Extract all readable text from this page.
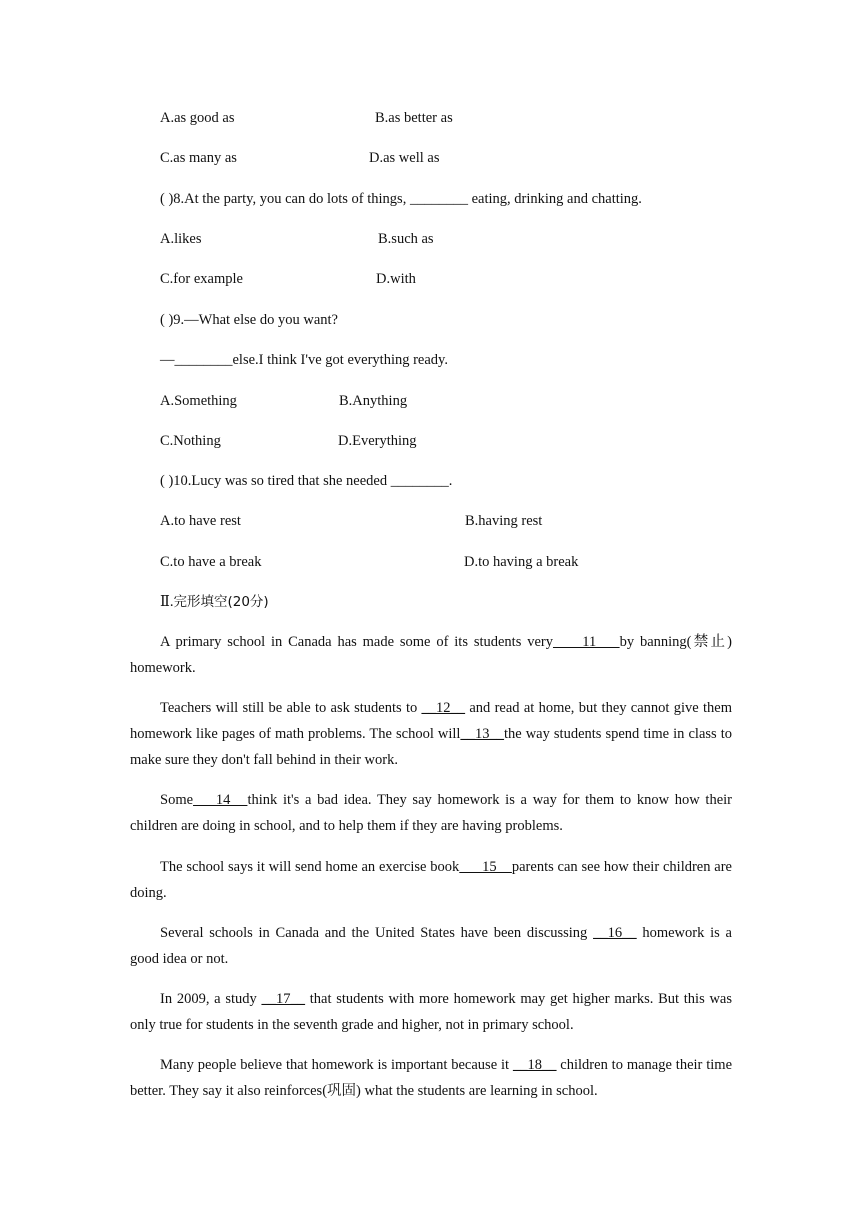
A.as good as	B.as better as
C.as many as	D.as well as
( )8.At the party, you can do lots of things, ________ eating, drinking and chatting.
A.likes	B.such as
C.for example	D.with
( )9.—What else do you want?
—________else.I think I've got everything ready.
A.Something	B.Anything
C.Nothing	D.Everything
( )10.Lucy was so tired that she needed ________.
A.to have rest	B.having rest
C.to have a break	D.to having a break
Ⅱ.完形填空(20分)
A primary school in Canada has made some of its students very     11    by banning(禁止) homework.
Teachers will still be able to ask students to __12__ and read at home, but they cannot give them homework like pages of math problems. The school will__13__the way students spend time in class to make sure they don't fall behind in their work.
Some    14   think it's a bad idea. They say homework is a way for them to know how their children are doing in school, and to help them if they are having problems.
The school says it will send home an exercise book      15    parents can see how their children are doing.
Several schools in Canada and the United States have been discussing __16__ homework is a good idea or not.
In 2009, a study __17__ that students with more homework may get higher marks. But this was only true for students in the seventh grade and higher, not in primary school.
Many people believe that homework is important because it __18__ children to manage their time better. They say it also reinforces(巩固) what the students are learning in school.
